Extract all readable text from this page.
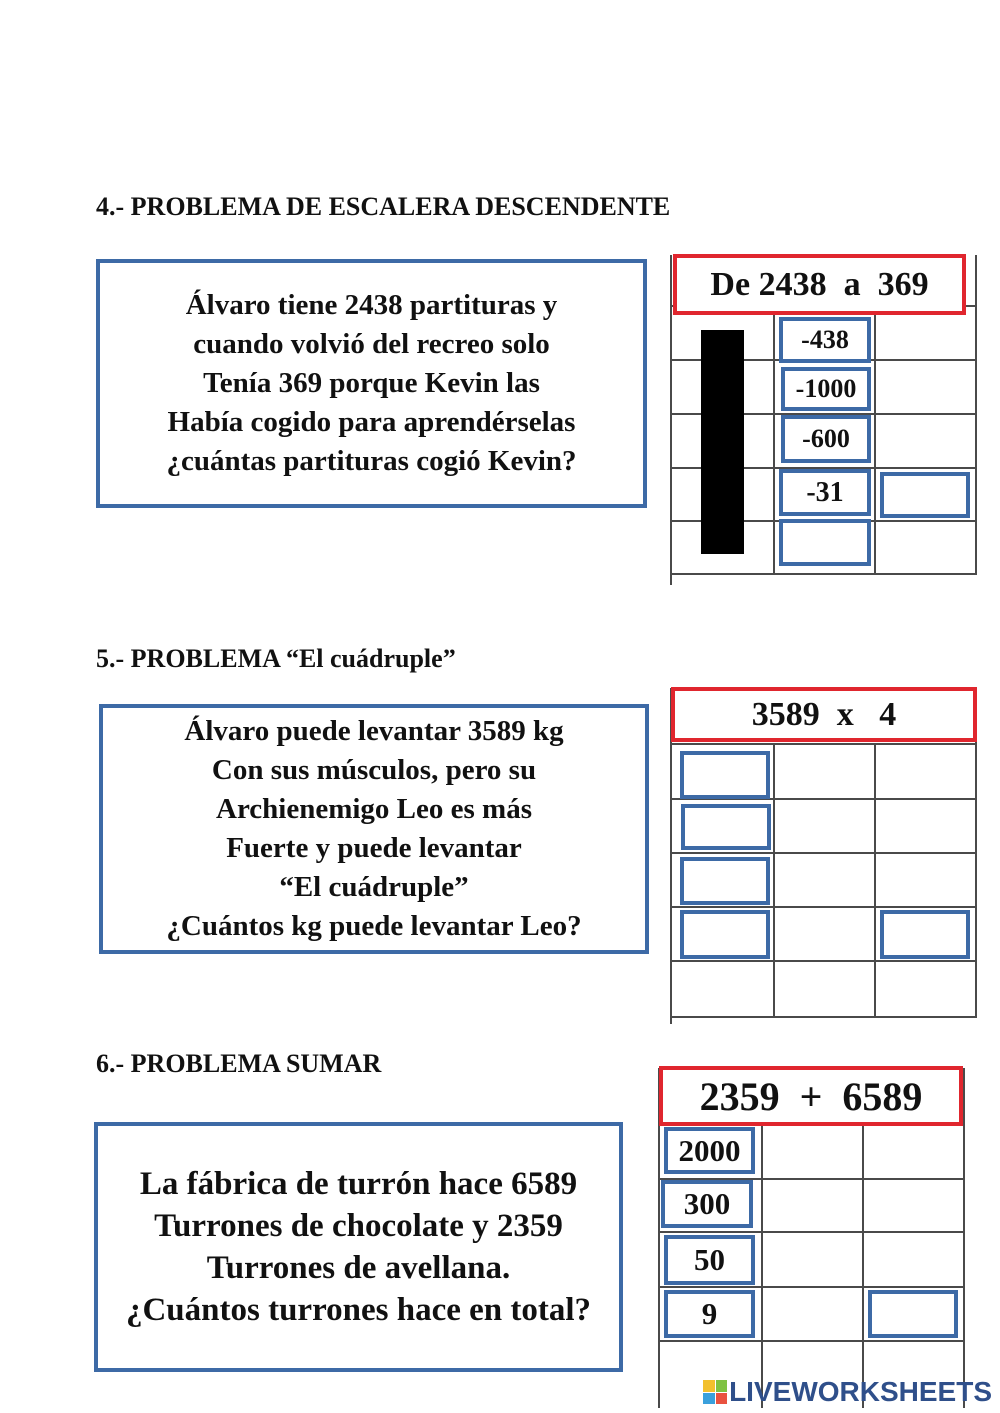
4.- PROBLEMA DE ESCALERA DESCENDENTE
Álvaro tiene 2438 partituras y
cuando volvió del recreo solo
Tenía 369 porque Kevin las
Había cogido para aprendérselas
¿cuántas partituras cogió Kevin?
De 2438  a  369
-438
-1000
-600
-31
5.- PROBLEMA “El cuádruple”
Álvaro puede levantar 3589 kg
Con sus músculos, pero su
Archienemigo Leo es más
Fuerte y puede levantar
“El cuádruple”
¿Cuántos kg puede levantar Leo?
3589  x   4
6.- PROBLEMA SUMAR
La fábrica de turrón hace 6589
Turrones de chocolate y 2359
Turrones de avellana.
¿Cuántos turrones hace en total?
2359  +  6589
2000
300
50
9
LIVEWORKSHEETS
